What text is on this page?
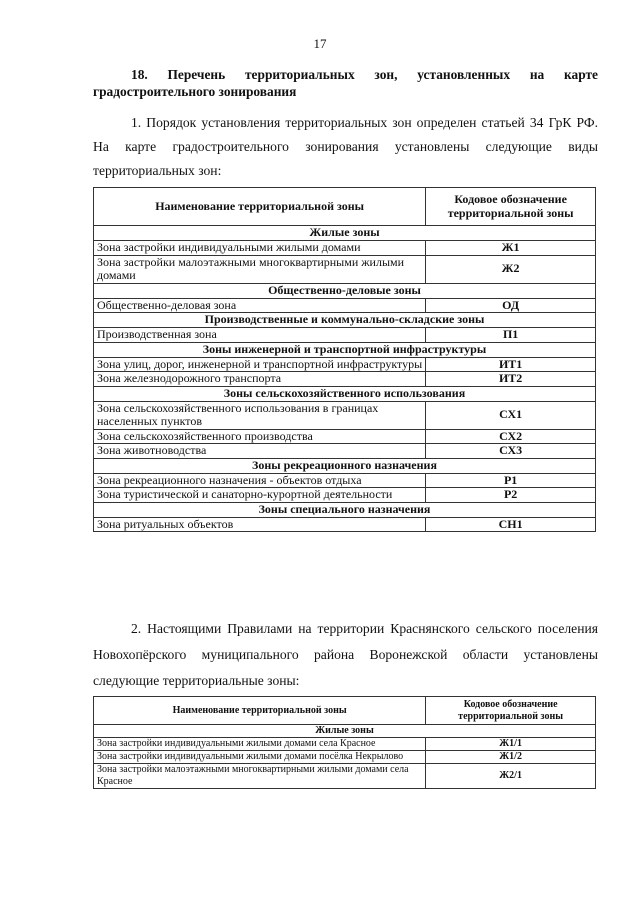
17
18. Перечень территориальных зон, установленных на карте градостроительного зонирования
1. Порядок установления территориальных зон определен статьей 34 ГрК РФ. На карте градостроительного зонирования установлены следующие виды территориальных зон:
Наименование территориальной зоны	Кодовое обозначение территориальной зоны
Жилые зоны	
Зона застройки индивидуальными жилыми домами	Ж1
Зона застройки малоэтажными многоквартирными жилыми домами	Ж2
Общественно-деловые зоны	
Общественно-деловая зона	ОД
Производственные и коммунально-складские зоны	
Производственная зона	П1
Зоны инженерной и транспортной инфраструктуры	
Зона улиц, дорог, инженерной и транспортной инфраструктуры	ИТ1
Зона железнодорожного транспорта	ИТ2
Зоны сельскохозяйственного использования	
Зона сельскохозяйственного использования в границах населенных пунктов	СХ1
Зона сельскохозяйственного производства	СХ2
Зона животноводства	СХ3
Зоны рекреационного назначения	
Зона рекреационного назначения - объектов отдыха	Р1
Зона туристической и санаторно-курортной деятельности	Р2
Зоны специального назначения	
Зона ритуальных объектов	СН1
2. Настоящими Правилами на территории Краснянского сельского поселения Новохопёрского муниципального района Воронежской области установлены следующие территориальные зоны:
Наименование территориальной зоны	Кодовое обозначение территориальной зоны
Жилые зоны	
Зона застройки индивидуальными жилыми домами села Красное	Ж1/1
Зона застройки индивидуальными жилыми домами посёлка Некрылово	Ж1/2
Зона застройки малоэтажными многоквартирными жилыми домами села Красное	Ж2/1
